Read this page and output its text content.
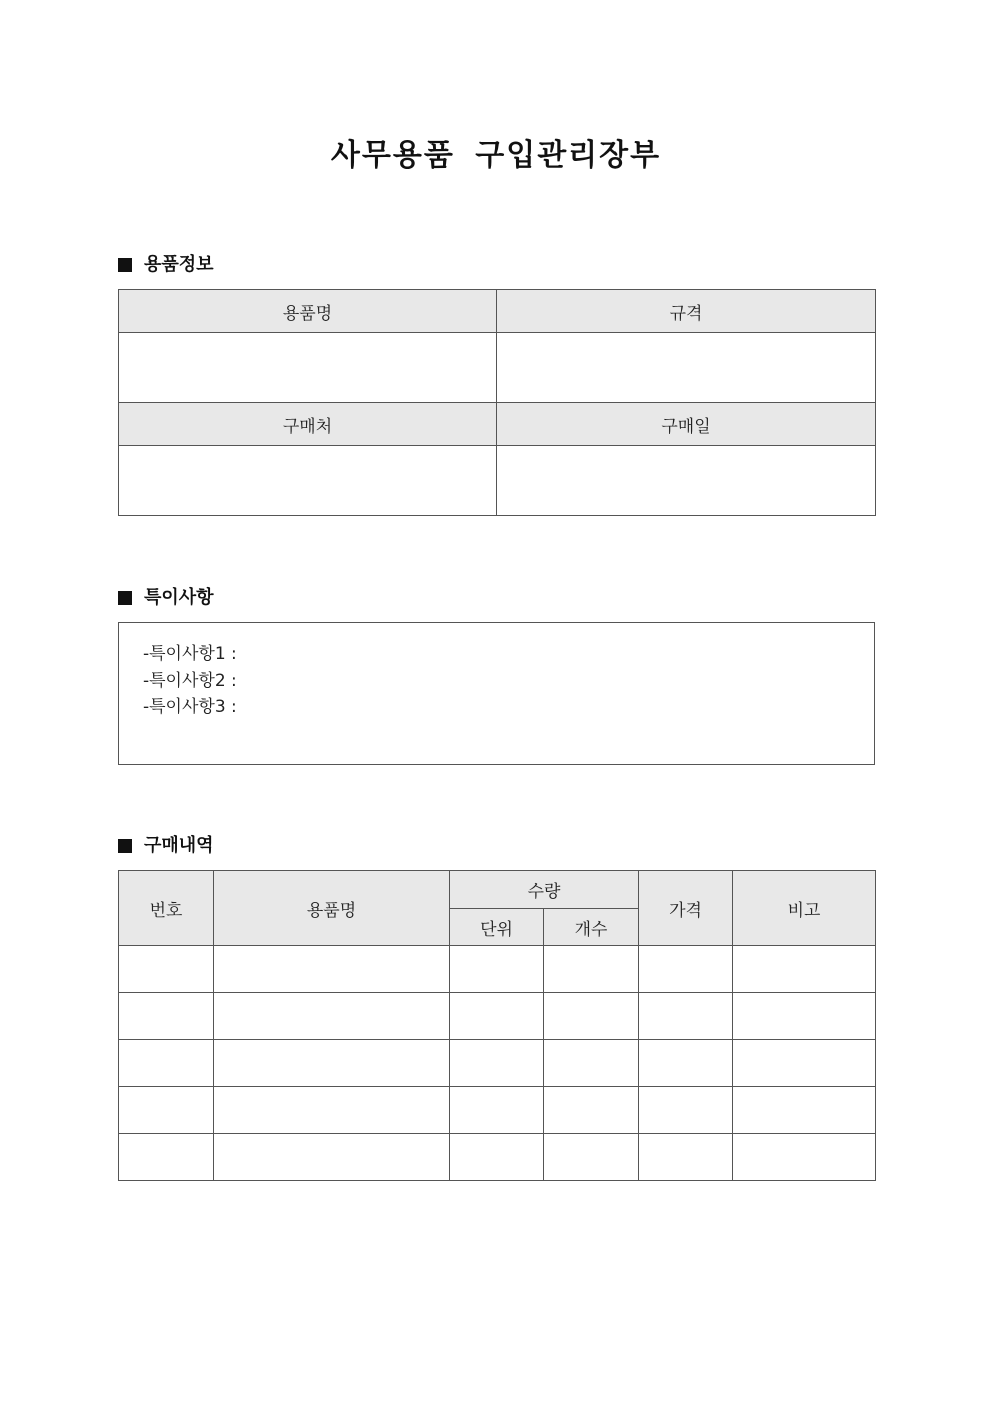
사무용품 구입관리장부
용품정보
용품명	규격

구매처	구매일

특이사항
-특이사항1 :
-특이사항2 :
-특이사항3 :
구매내역
번호	용품명	수량		가격	비고
		단위	개수		
